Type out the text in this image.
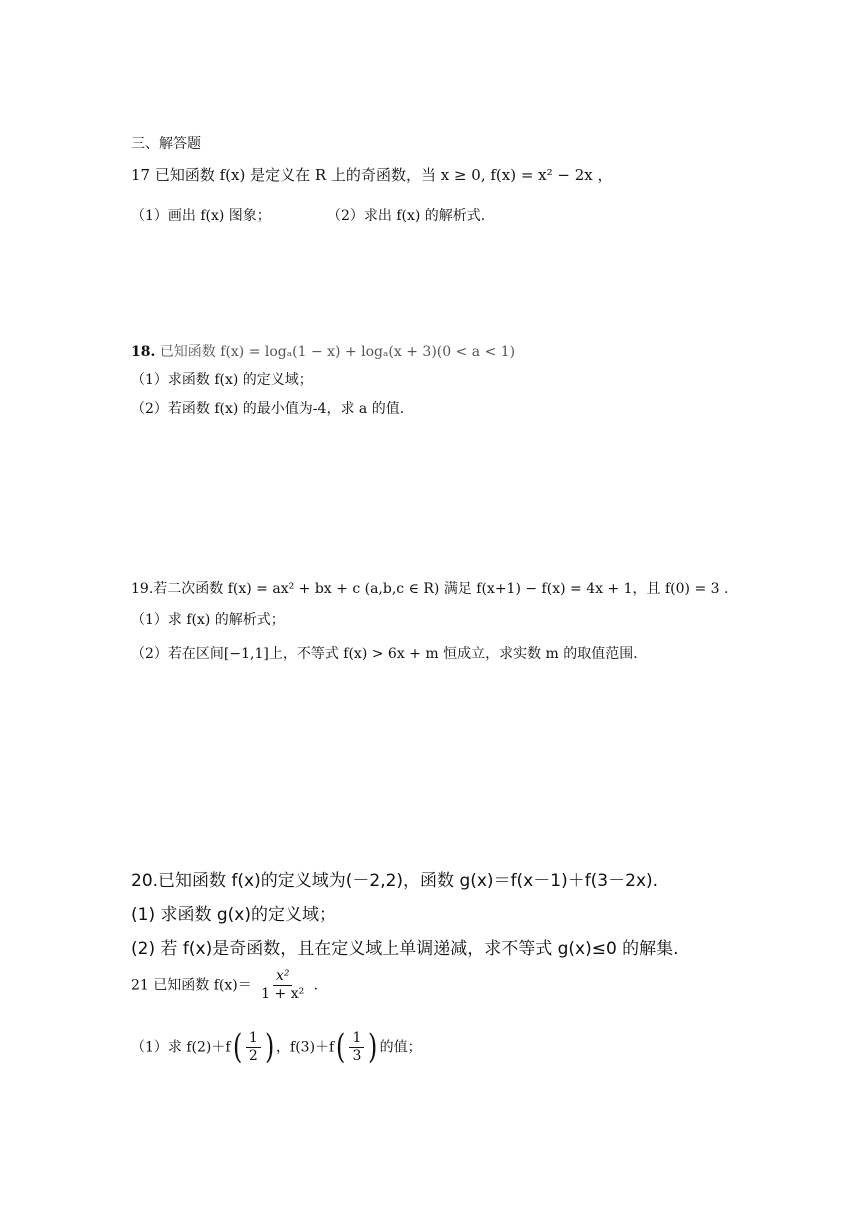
三、解答题
17 已知函数 f(x) 是定义在 R 上的奇函数，当 x ≥ 0, f(x) = x² − 2x ，
（1）画出 f(x) 图象；	（2）求出 f(x) 的解析式.
18. 已知函数 f(x) = logₐ(1 − x) + logₐ(x + 3)(0 < a < 1)
（1）求函数 f(x) 的定义域；
（2）若函数 f(x) 的最小值为-4，求 a 的值.
19.若二次函数 f(x) = ax² + bx + c (a,b,c ∈ R) 满足 f(x+1) − f(x) = 4x + 1，且 f(0) = 3 .
（1）求 f(x) 的解析式；
（2）若在区间[−1,1]上，不等式 f(x) > 6x + m 恒成立，求实数 m 的取值范围.
20.已知函数 f(x)的定义域为(－2,2)，函数 g(x)＝f(x－1)＋f(3－2x).
(1) 求函数 g(x)的定义域；
(2) 若 f(x)是奇函数，且在定义域上单调递减，求不等式 g(x)≤0 的解集.
21 已知函数 $f(x)= \frac{\text{x²}}{\text{1 + x²}}$ .
（1）求 $f(2)+f( \frac{1}{2}$ ) ，$f(3)+f( \frac{1}{3}$ ) 的值；
